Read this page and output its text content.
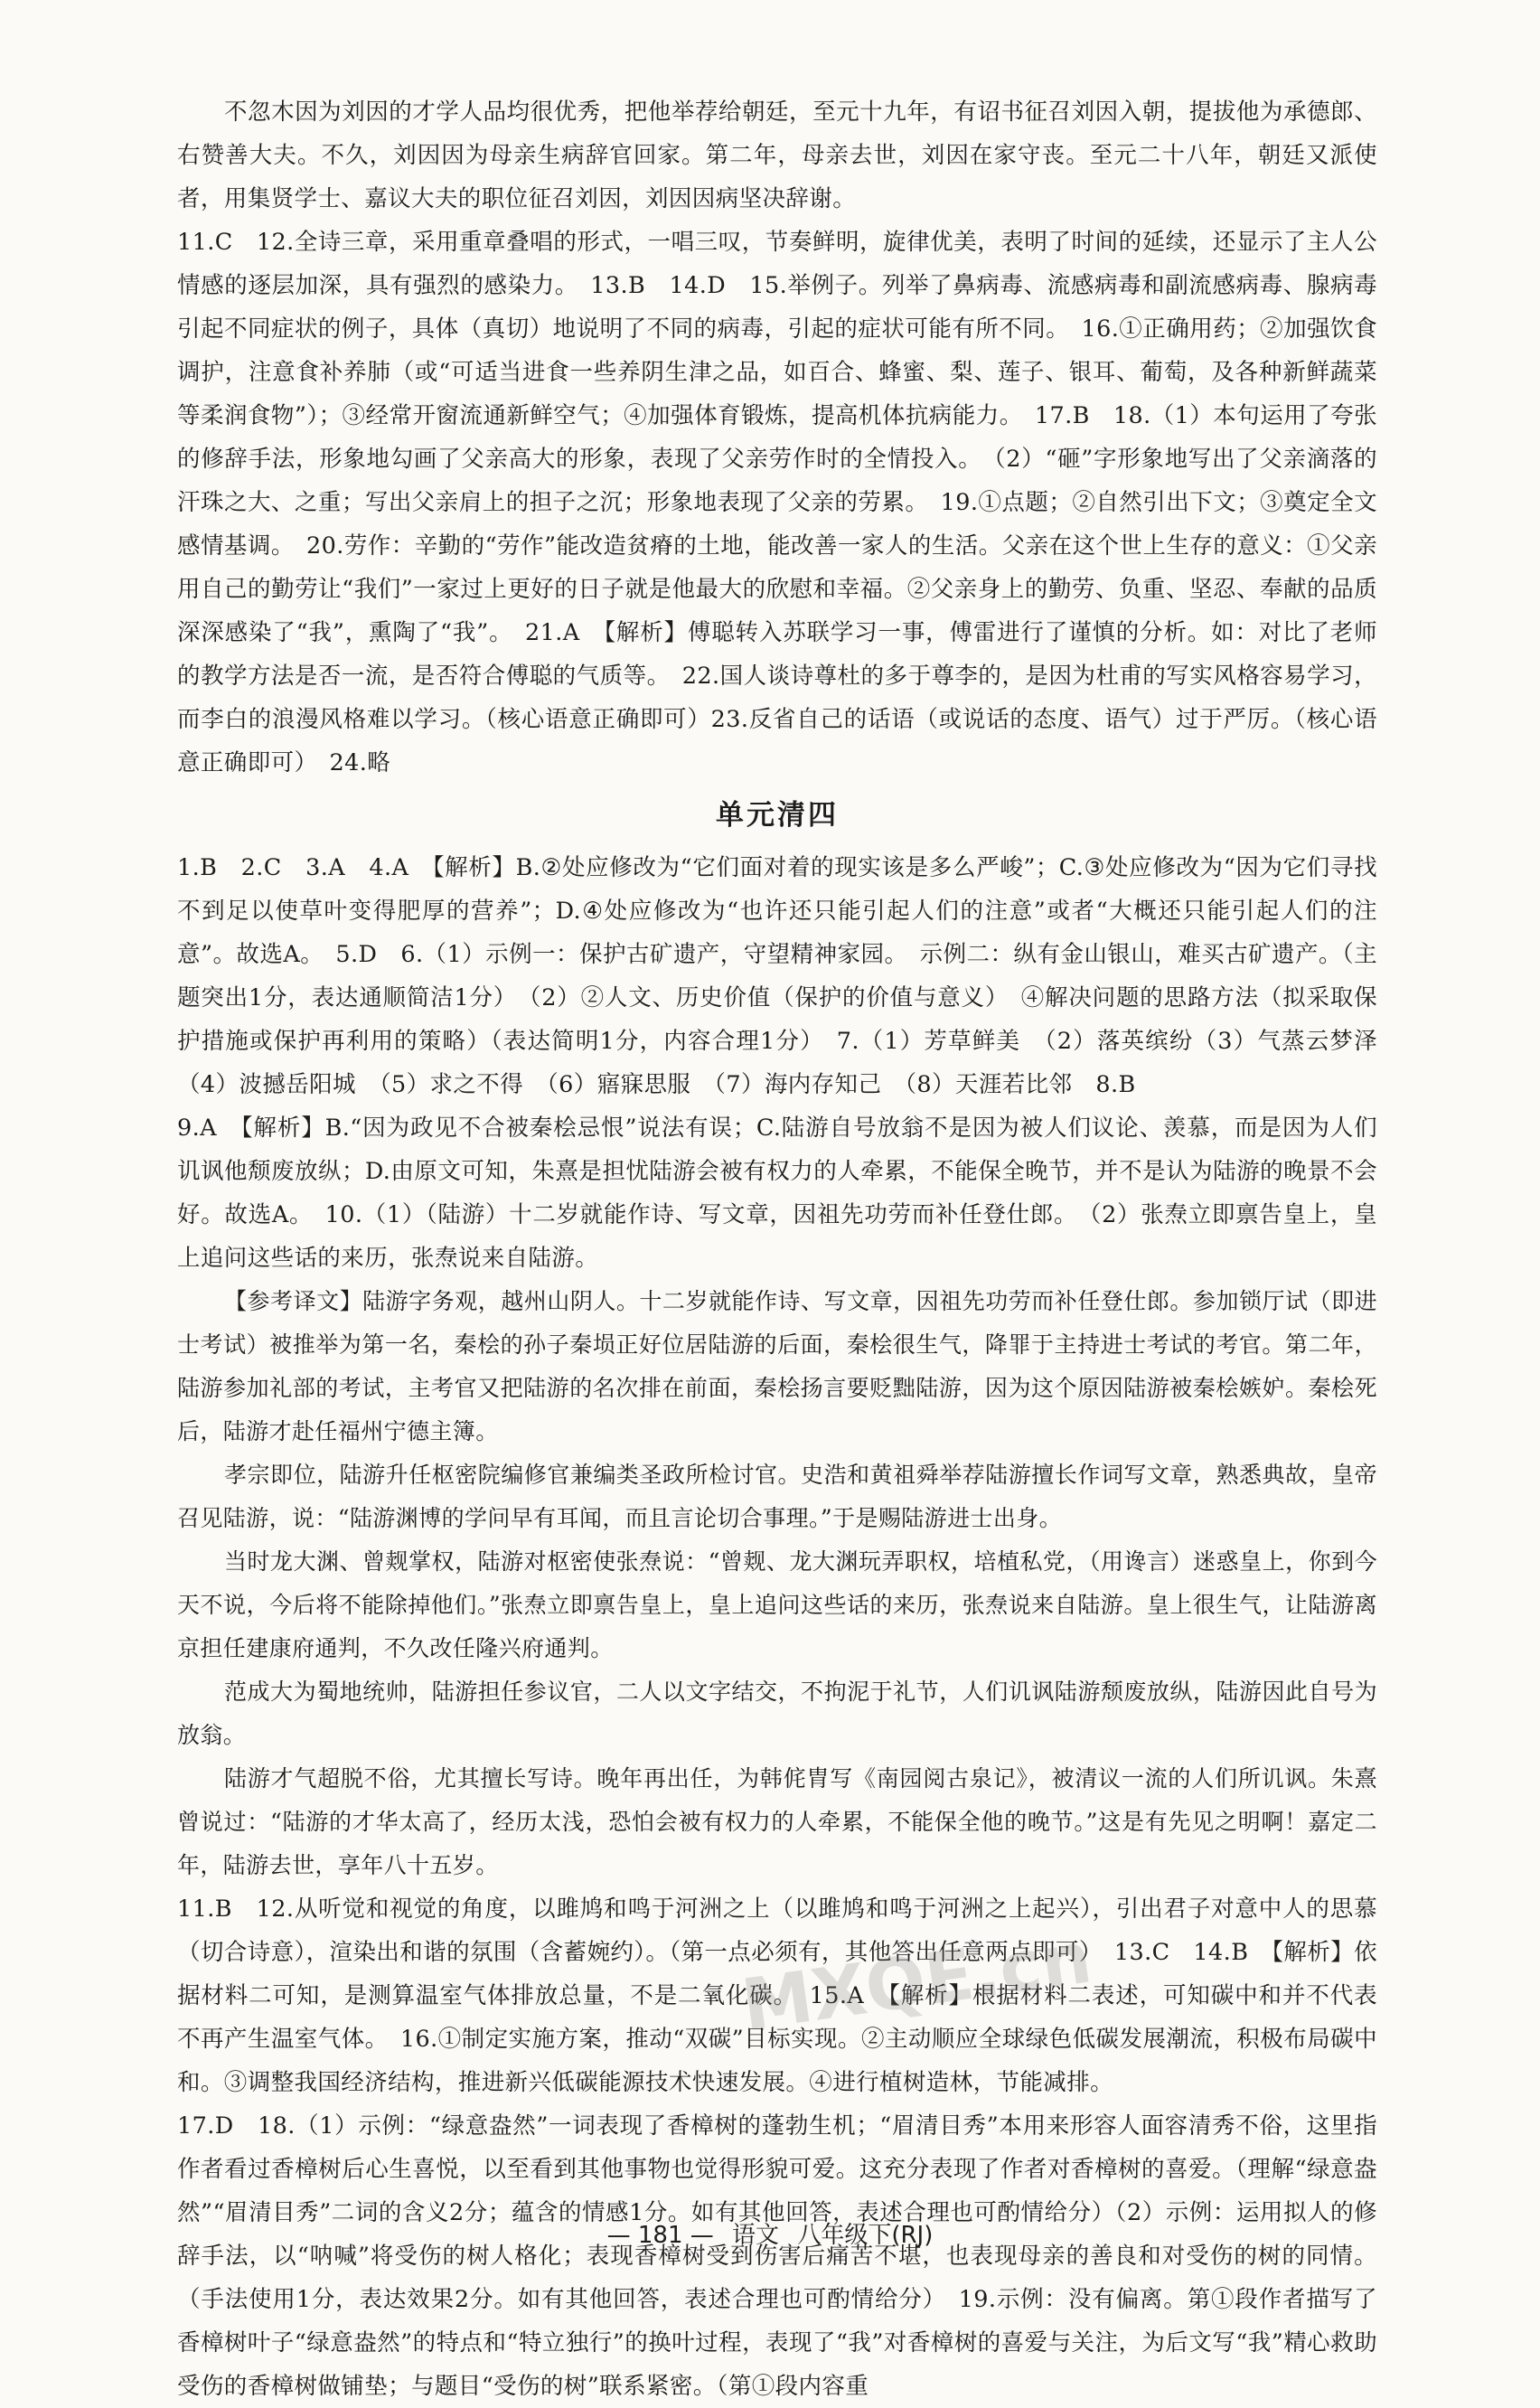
不忽木因为刘因的才学人品均很优秀，把他举荐给朝廷，至元十九年，有诏书征召刘因入朝，提拔他为承德郎、右赞善大夫。不久，刘因因为母亲生病辞官回家。第二年，母亲去世，刘因在家守丧。至元二十八年，朝廷又派使者，用集贤学士、嘉议大夫的职位征召刘因，刘因因病坚决辞谢。

11.C　12.全诗三章，采用重章叠唱的形式，一唱三叹，节奏鲜明，旋律优美，表明了时间的延续，还显示了主人公情感的逐层加深，具有强烈的感染力。　13.B　14.D　15.举例子。列举了鼻病毒、流感病毒和副流感病毒、腺病毒引起不同症状的例子，具体（真切）地说明了不同的病毒，引起的症状可能有所不同。　16.①正确用药；②加强饮食调护，注意食补养肺（或“可适当进食一些养阴生津之品，如百合、蜂蜜、梨、莲子、银耳、葡萄，及各种新鲜蔬菜等柔润食物”）；③经常开窗流通新鲜空气；④加强体育锻炼，提高机体抗病能力。　17.B　18.（1）本句运用了夸张的修辞手法，形象地勾画了父亲高大的形象，表现了父亲劳作时的全情投入。　（2）“砸”字形象地写出了父亲滴落的汗珠之大、之重；写出父亲肩上的担子之沉；形象地表现了父亲的劳累。　19.①点题；②自然引出下文；③奠定全文感情基调。　20.劳作：辛勤的“劳作”能改造贫瘠的土地，能改善一家人的生活。父亲在这个世上生存的意义：①父亲用自己的勤劳让“我们”一家过上更好的日子就是他最大的欣慰和幸福。②父亲身上的勤劳、负重、坚忍、奉献的品质深深感染了“我”，熏陶了“我”。　21.A　【解析】傅聪转入苏联学习一事，傅雷进行了谨慎的分析。如：对比了老师的教学方法是否一流，是否符合傅聪的气质等。　22.国人谈诗尊杜的多于尊李的，是因为杜甫的写实风格容易学习，而李白的浪漫风格难以学习。（核心语意正确即可）23.反省自己的话语（或说话的态度、语气）过于严厉。（核心语意正确即可）　24.略

单元清四

1.B　2.C　3.A　4.A　【解析】B.②处应修改为“它们面对着的现实该是多么严峻”；C.③处应修改为“因为它们寻找不到足以使草叶变得肥厚的营养”；D.④处应修改为“也许还只能引起人们的注意”或者“大概还只能引起人们的注意”。故选A。　5.D　6.（1）示例一：保护古矿遗产，守望精神家园。　示例二：纵有金山银山，难买古矿遗产。（主题突出1分，表达通顺简洁1分）　（2）②人文、历史价值（保护的价值与意义）　④解决问题的思路方法（拟采取保护措施或保护再利用的策略）（表达简明1分，内容合理1分）　7.（1）芳草鲜美　（2）落英缤纷（3）气蒸云梦泽　（4）波撼岳阳城　（5）求之不得　（6）寤寐思服　（7）海内存知己　（8）天涯若比邻　8.B

9.A　【解析】B.“因为政见不合被秦桧忌恨”说法有误；C.陆游自号放翁不是因为被人们议论、羡慕，而是因为人们讥讽他颓废放纵；D.由原文可知，朱熹是担忧陆游会被有权力的人牵累，不能保全晚节，并不是认为陆游的晚景不会好。故选A。　10.（1）（陆游）十二岁就能作诗、写文章，因祖先功劳而补任登仕郎。　（2）张焘立即禀告皇上，皇上追问这些话的来历，张焘说来自陆游。

【参考译文】陆游字务观，越州山阴人。十二岁就能作诗、写文章，因祖先功劳而补任登仕郎。参加锁厅试（即进士考试）被推举为第一名，秦桧的孙子秦埙正好位居陆游的后面，秦桧很生气，降罪于主持进士考试的考官。第二年，陆游参加礼部的考试，主考官又把陆游的名次排在前面，秦桧扬言要贬黜陆游，因为这个原因陆游被秦桧嫉妒。秦桧死后，陆游才赴任福州宁德主簿。

孝宗即位，陆游升任枢密院编修官兼编类圣政所检讨官。史浩和黄祖舜举荐陆游擅长作词写文章，熟悉典故，皇帝召见陆游，说：“陆游渊博的学问早有耳闻，而且言论切合事理。”于是赐陆游进士出身。

当时龙大渊、曾觌掌权，陆游对枢密使张焘说：“曾觌、龙大渊玩弄职权，培植私党，（用谗言）迷惑皇上，你到今天不说，今后将不能除掉他们。”张焘立即禀告皇上，皇上追问这些话的来历，张焘说来自陆游。皇上很生气，让陆游离京担任建康府通判，不久改任隆兴府通判。

范成大为蜀地统帅，陆游担任参议官，二人以文字结交，不拘泥于礼节，人们讥讽陆游颓废放纵，陆游因此自号为放翁。

陆游才气超脱不俗，尤其擅长写诗。晚年再出任，为韩侂胄写《南园阅古泉记》，被清议一流的人们所讥讽。朱熹曾说过：“陆游的才华太高了，经历太浅，恐怕会被有权力的人牵累，不能保全他的晚节。”这是有先见之明啊！嘉定二年，陆游去世，享年八十五岁。

11.B　12.从听觉和视觉的角度，以雎鸠和鸣于河洲之上（以雎鸠和鸣于河洲之上起兴），引出君子对意中人的思慕（切合诗意），渲染出和谐的氛围（含蓄婉约）。（第一点必须有，其他答出任意两点即可）　13.C　14.B　【解析】依据材料二可知，是测算温室气体排放总量，不是二氧化碳。　15.A　【解析】根据材料二表述，可知碳中和并不代表不再产生温室气体。　16.①制定实施方案，推动“双碳”目标实现。②主动顺应全球绿色低碳发展潮流，积极布局碳中和。③调整我国经济结构，推进新兴低碳能源技术快速发展。④进行植树造林，节能减排。

17.D　18.（1）示例：“绿意盎然”一词表现了香樟树的蓬勃生机；“眉清目秀”本用来形容人面容清秀不俗，这里指作者看过香樟树后心生喜悦，以至看到其他事物也觉得形貌可爱。这充分表现了作者对香樟树的喜爱。（理解“绿意盎然”“眉清目秀”二词的含义2分；蕴含的情感1分。如有其他回答，表述合理也可酌情给分）（2）示例：运用拟人的修辞手法，以“呐喊”将受伤的树人格化；表现香樟树受到伤害后痛苦不堪，也表现母亲的善良和对受伤的树的同情。（手法使用1分，表达效果2分。如有其他回答，表述合理也可酌情给分）　19.示例：没有偏离。第①段作者描写了香樟树叶子“绿意盎然”的特点和“特立独行”的换叶过程，表现了“我”对香樟树的喜爱与关注，为后文写“我”精心救助受伤的香樟树做铺垫；与题目“受伤的树”联系紧密。（第①段内容重

MXQE.cn
— 181 — 语文 八年级下(RJ)
